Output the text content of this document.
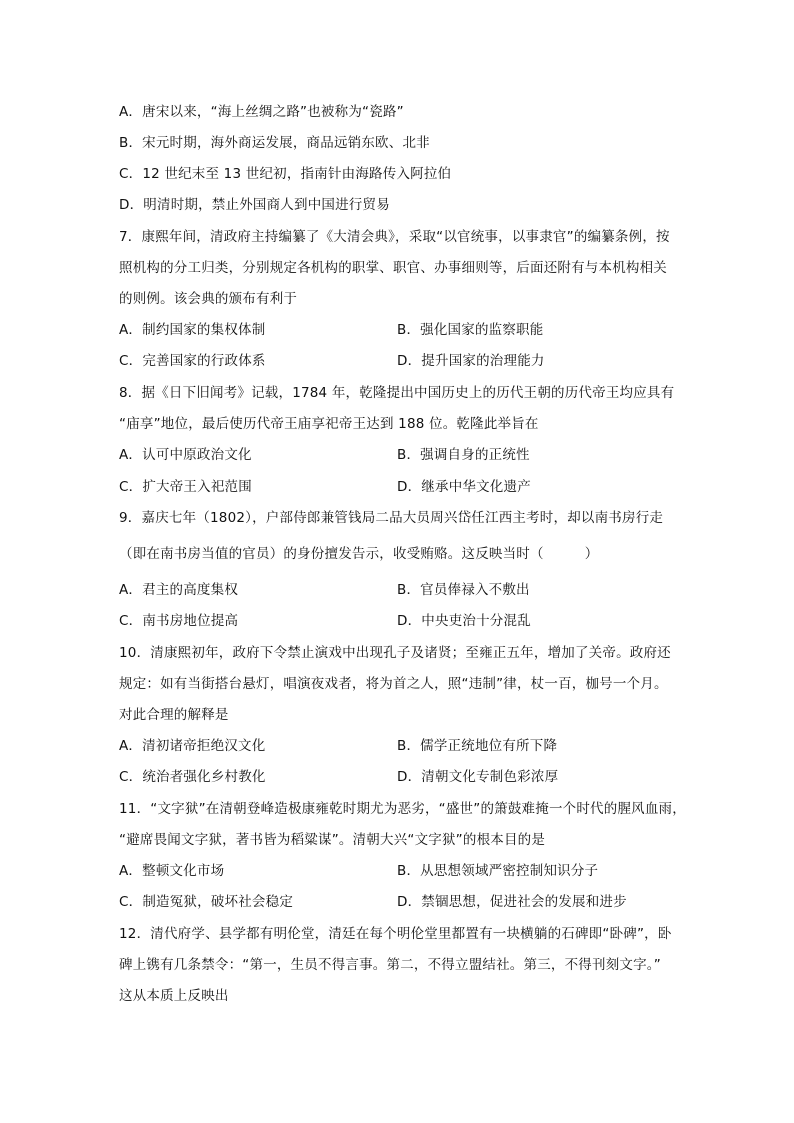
A．唐宋以来，“海上丝绸之路”也被称为“瓷路”
B．宋元时期，海外商运发展，商品远销东欧、北非
C．12 世纪末至 13 世纪初，指南针由海路传入阿拉伯
D．明清时期，禁止外国商人到中国进行贸易
7．康熙年间，清政府主持编纂了《大清会典》，采取“以官统事，以事隶官”的编纂条例，按
照机构的分工归类，分别规定各机构的职掌、职官、办事细则等，后面还附有与本机构相关
的则例。该会典的颁布有利于
A．制约国家的集权体制	B．强化国家的监察职能
C．完善国家的行政体系	D．提升国家的治理能力
8．据《日下旧闻考》记载，1784 年，乾隆提出中国历史上的历代王朝的历代帝王均应具有
“庙享”地位，最后使历代帝王庙享祀帝王达到 188 位。乾隆此举旨在
A．认可中原政治文化	B．强调自身的正统性
C．扩大帝王入祀范围	D．继承中华文化遗产
9．嘉庆七年（1802），户部侍郎兼管钱局二品大员周兴岱任江西主考时，却以南书房行走
（即在南书房当值的官员）的身份擅发告示，收受贿赂。这反映当时（　　　）
A．君主的高度集权	B．官员俸禄入不敷出
C．南书房地位提高	D．中央吏治十分混乱
10．清康熙初年，政府下令禁止演戏中出现孔子及诸贤；至雍正五年，增加了关帝。政府还
规定：如有当街搭台悬灯，唱演夜戏者，将为首之人，照“违制”律，杖一百，枷号一个月。
对此合理的解释是
A．清初诸帝拒绝汉文化	B．儒学正统地位有所下降
C．统治者强化乡村教化	D．清朝文化专制色彩浓厚
11．“文字狱”在清朝登峰造极康雍乾时期尤为恶劣，“盛世”的箫鼓难掩一个时代的腥风血雨，
“避席畏闻文字狱，著书皆为稻粱谋”。清朝大兴“文字狱”的根本目的是
A．整顿文化市场	B．从思想领域严密控制知识分子
C．制造冤狱，破坏社会稳定	D．禁锢思想，促进社会的发展和进步
12．清代府学、县学都有明伦堂，清廷在每个明伦堂里都置有一块横躺的石碑即“卧碑”，卧
碑上镌有几条禁令：“第一，生员不得言事。第二，不得立盟结社。第三，不得刊刻文字。”
这从本质上反映出
